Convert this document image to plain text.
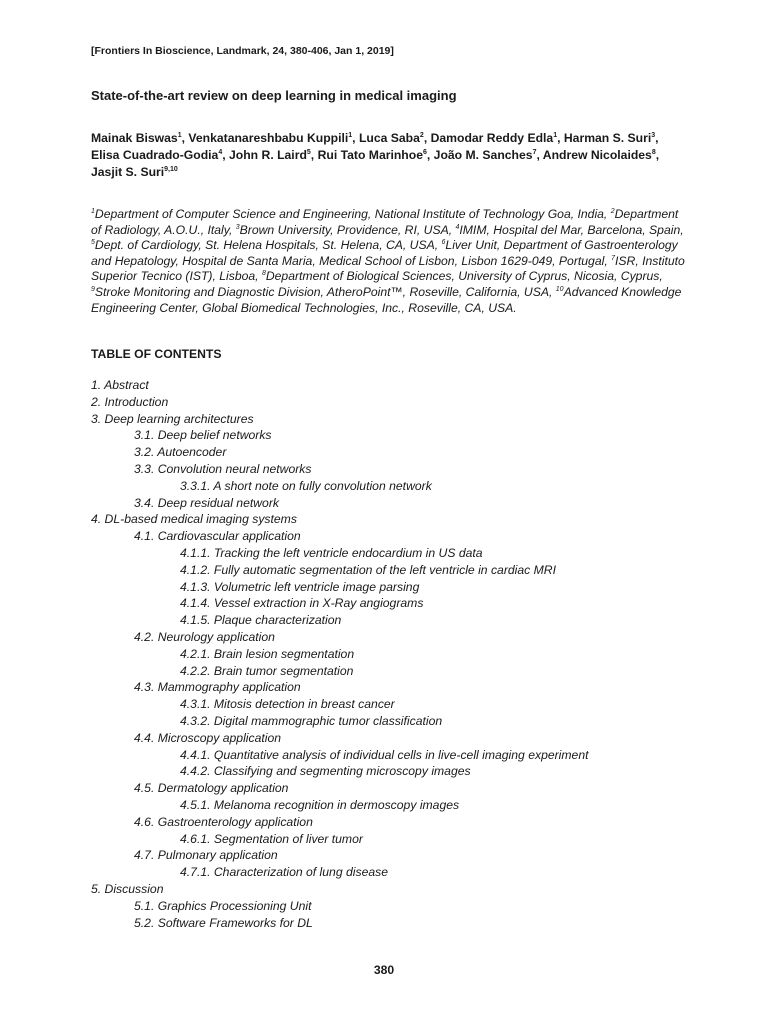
[Frontiers In Bioscience, Landmark, 24, 380-406, Jan 1, 2019]
State-of-the-art review on deep learning in medical imaging
Mainak Biswas$^1$, Venkatanareshbabu Kuppili$^1$, Luca Saba$^2$, Damodar Reddy Edla$^1$, Harman S. Suri$^3$, Elisa Cuadrado-Godia$^4$, John R. Laird$^5$, Rui Tato Marinhoe$^6$, João M. Sanches$^7$, Andrew Nicolaides$^8$, Jasjit S. Suri$^{9,10}$
$^1$Department of Computer Science and Engineering, National Institute of Technology Goa, India, $^2$Department of Radiology, A.O.U., Italy, $^3$Brown University, Providence, RI, USA, $^4$IMIM, Hospital del Mar, Barcelona, Spain, $^5$Dept. of Cardiology, St. Helena Hospitals, St. Helena, CA, USA, $^6$Liver Unit, Department of Gastroenterology and Hepatology, Hospital de Santa Maria, Medical School of Lisbon, Lisbon 1629-049, Portugal, $^7$ISR, Instituto Superior Tecnico (IST), Lisboa, $^8$Department of Biological Sciences, University of Cyprus, Nicosia, Cyprus, $^9$Stroke Monitoring and Diagnostic Division, AtheroPoint™, Roseville, California, USA, $^{10}$Advanced Knowledge Engineering Center, Global Biomedical Technologies, Inc., Roseville, CA, USA.
TABLE OF CONTENTS
1. Abstract
2. Introduction
3. Deep learning architectures
3.1. Deep belief networks
3.2. Autoencoder
3.3. Convolution neural networks
3.3.1. A short note on fully convolution network
3.4. Deep residual network
4. DL-based medical imaging systems
4.1. Cardiovascular application
4.1.1. Tracking the left ventricle endocardium in US data
4.1.2. Fully automatic segmentation of the left ventricle in cardiac MRI
4.1.3. Volumetric left ventricle image parsing
4.1.4. Vessel extraction in X-Ray angiograms
4.1.5. Plaque characterization
4.2. Neurology application
4.2.1. Brain lesion segmentation
4.2.2. Brain tumor segmentation
4.3. Mammography application
4.3.1. Mitosis detection in breast cancer
4.3.2. Digital mammographic tumor classification
4.4. Microscopy application
4.4.1. Quantitative analysis of individual cells in live-cell imaging experiment
4.4.2. Classifying and segmenting microscopy images
4.5. Dermatology application
4.5.1. Melanoma recognition in dermoscopy images
4.6. Gastroenterology application
4.6.1. Segmentation of liver tumor
4.7. Pulmonary application
4.7.1. Characterization of lung disease
5. Discussion
5.1. Graphics Processioning Unit
5.2. Software Frameworks for DL
380
